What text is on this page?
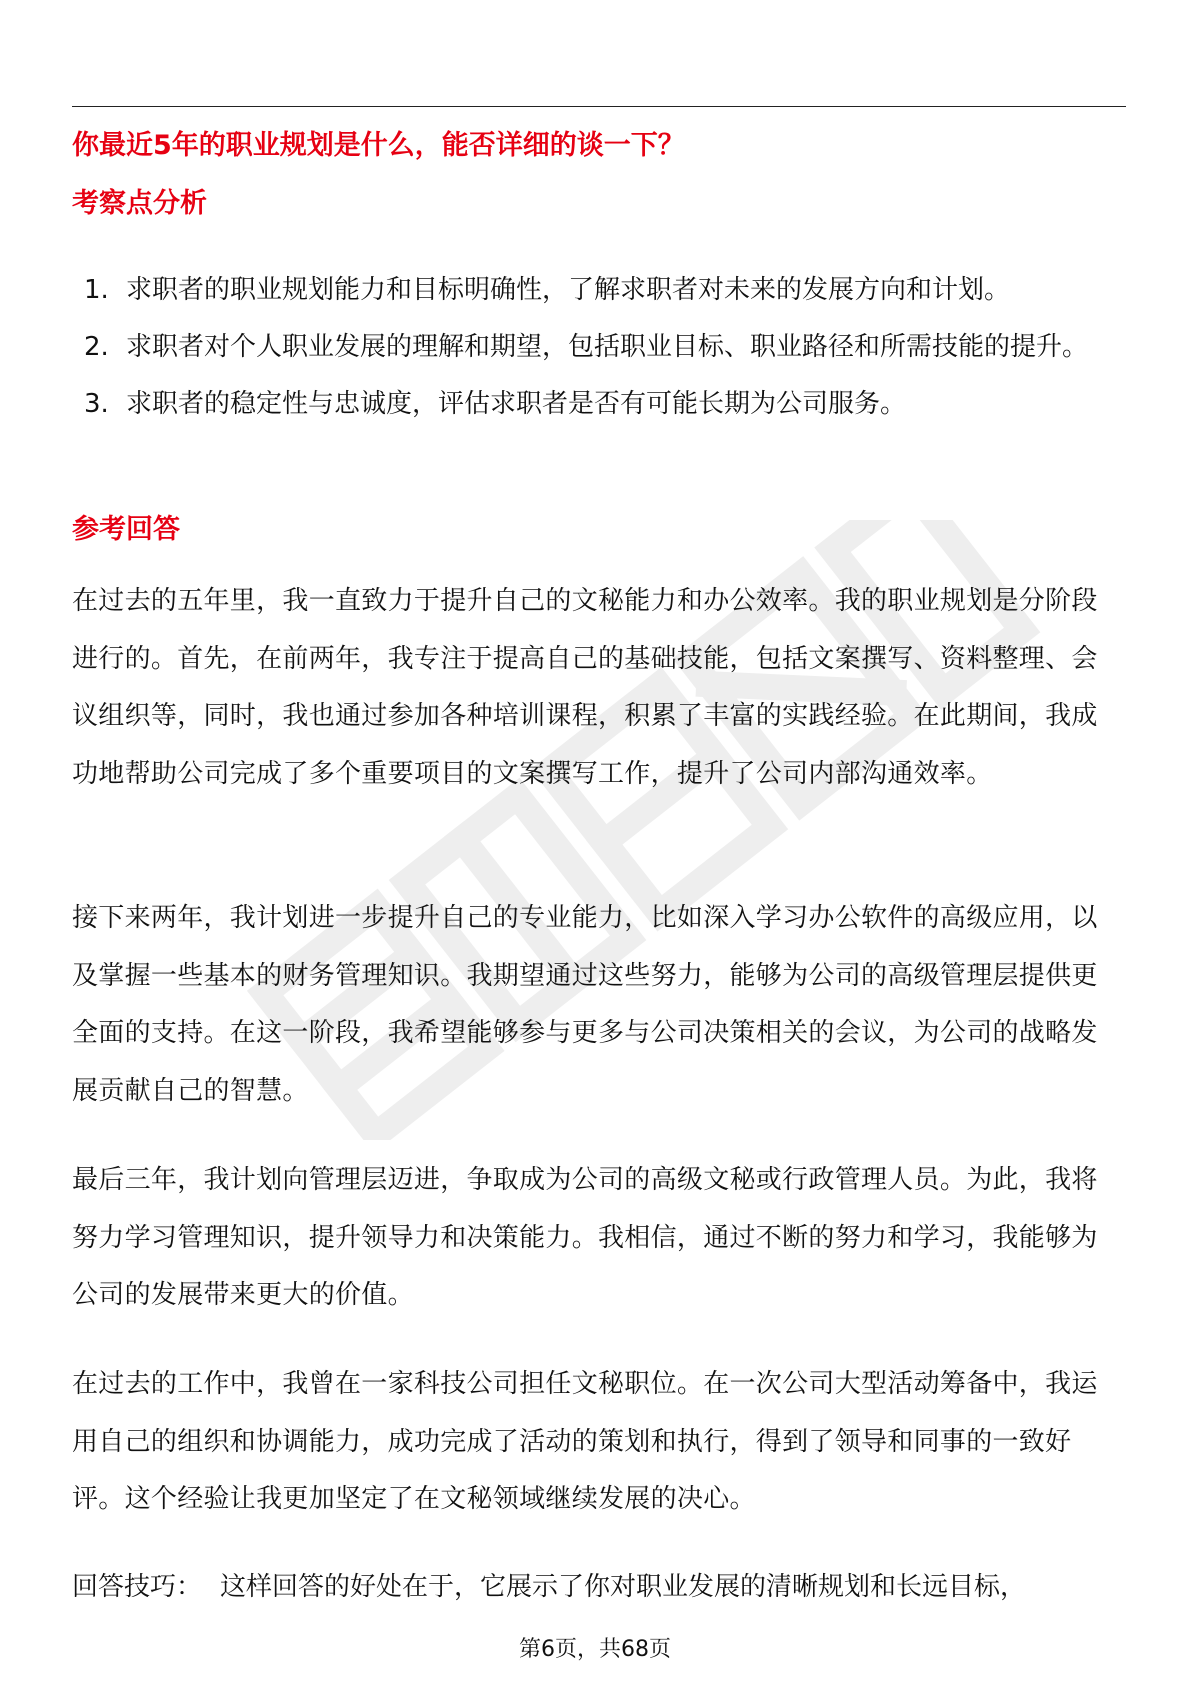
你最近5年的职业规划是什么，能否详细的谈一下？
考察点分析
1. 求职者的职业规划能力和目标明确性，了解求职者对未来的发展方向和计划。
2. 求职者对个人职业发展的理解和期望，包括职业目标、职业路径和所需技能的提升。
3. 求职者的稳定性与忠诚度，评估求职者是否有可能长期为公司服务。
参考回答

在过去的五年里，我一直致力于提升自己的文秘能力和办公效率。我的职业规划是分阶段进行的。首先，在前两年，我专注于提高自己的基础技能，包括文案撰写、资料整理、会议组织等，同时，我也通过参加各种培训课程，积累了丰富的实践经验。在此期间，我成功地帮助公司完成了多个重要项目的文案撰写工作，提升了公司内部沟通效率。

接下来两年，我计划进一步提升自己的专业能力，比如深入学习办公软件的高级应用，以及掌握一些基本的财务管理知识。我期望通过这些努力，能够为公司的高级管理层提供更全面的支持。在这一阶段，我希望能够参与更多与公司决策相关的会议，为公司的战略发展贡献自己的智慧。

最后三年，我计划向管理层迈进，争取成为公司的高级文秘或行政管理人员。为此，我将努力学习管理知识，提升领导力和决策能力。我相信，通过不断的努力和学习，我能够为公司的发展带来更大的价值。

在过去的工作中，我曾在一家科技公司担任文秘职位。在一次公司大型活动筹备中，我运用自己的组织和协调能力，成功完成了活动的策划和执行，得到了领导和同事的一致好评。这个经验让我更加坚定了在文秘领域继续发展的决心。

回答技巧： 这样回答的好处在于，它展示了你对职业发展的清晰规划和长远目标，

第6页，共68页
